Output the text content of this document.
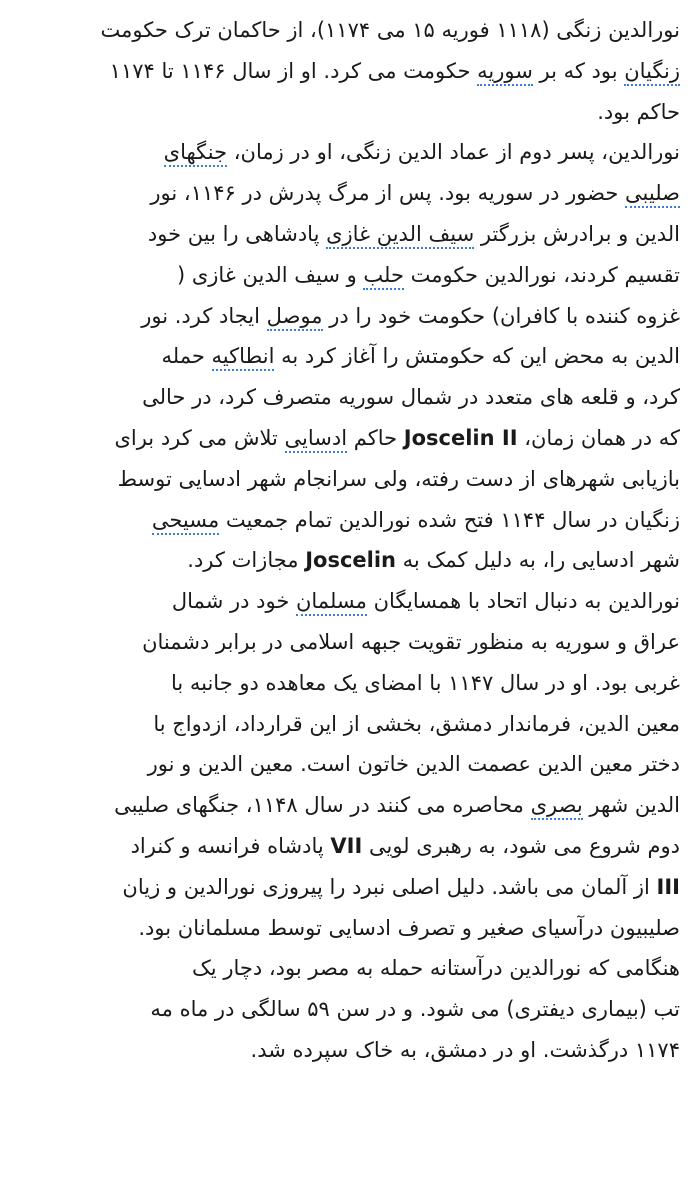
نورالدین زنگی (۱۱۱۸ فوریه ۱۵ می ۱۱۷۴)، از حاکمان ترک حکومت
زنگیان بود که بر سوریه حکومت می کرد. او از سال ۱۱۴۶ تا ۱۱۷۴
حاکم بود.
نورالدین، پسر دوم از عماد الدین زنگی، او در زمان، جنگهای
صلیبی حضور در سوریه بود. پس از مرگ پدرش در ۱۱۴۶، نور
الدین و برادرش بزرگتر سیف الدین غازی پادشاهی را بین خود
تقسیم کردند، نورالدین حکومت حلب و سیف الدین غازی (
غزوه کننده با کافران) حکومت خود را در موصل ایجاد کرد. نور
الدین به محض این که حکومتش را آغاز کرد به انطاکیه حمله
کرد، و قلعه های متعدد در شمال سوریه متصرف کرد، در حالی
که در همان زمان، Joscelin II حاکم ادسایی تلاش می کرد برای
بازیابی شهرهای از دست رفته، ولی سرانجام شهر ادسایی توسط
زنگیان در سال ۱۱۴۴ فتح شده نورالدین تمام جمعیت مسیحی
شهر ادسایی را، به دلیل کمک به Joscelin مجازات کرد.
نورالدین به دنبال اتحاد با همسایگان مسلمان خود در شمال
عراق و سوریه به منظور تقویت جبهه اسلامی در برابر دشمنان
غربی بود. او در سال ۱۱۴۷ با امضای یک معاهده دو جانبه با
معین الدین، فرماندار دمشق، بخشی از این قرارداد، ازدواج با
دختر معین الدین عصمت الدین خاتون است. معین الدین و نور
الدین شهر بصری محاصره می کنند در سال ۱۱۴۸، جنگهای صلیبی
دوم شروع می شود، به رهبری لویی VII پادشاه فرانسه و کنراد
III از آلمان می باشد. دلیل اصلی نبرد را پیروزی نورالدین و زیان
صلیبیون درآسیای صغیر و تصرف ادسایی توسط مسلمانان بود.
هنگامی که نورالدین درآستانه حمله به مصر بود، دچار یک
تب (بیماری دیفتری) می شود. و در سن ۵۹ سالگی در ماه مه
۱۱۷۴ درگذشت. او در دمشق، به خاک سپرده شد.
